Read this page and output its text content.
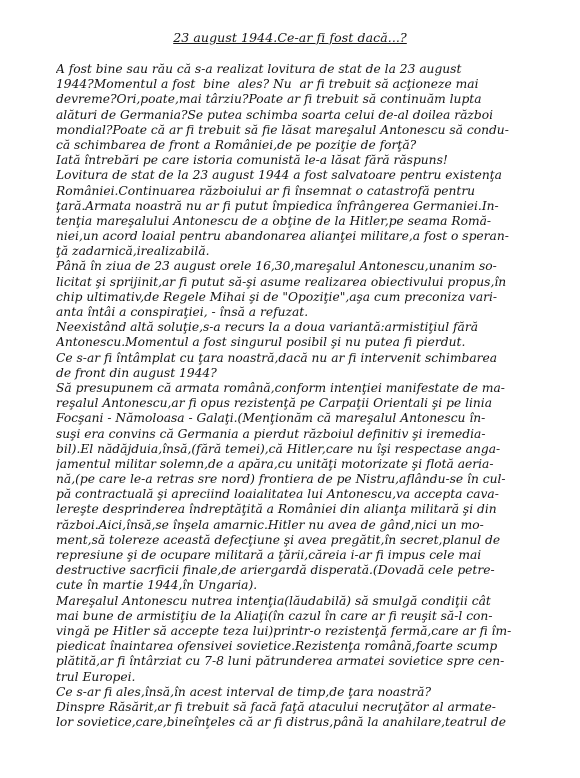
23 august 1944.Ce-ar fi fost dacă...?
A fost bine sau rău că s-a realizat lovitura de stat de la 23 august
1944?Momentul a fost  bine  ales? Nu  ar fi trebuit să acţioneze mai
devreme?Ori,poate,mai târziu?Poate ar fi trebuit să continuăm lupta
alături de Germania?Se putea schimba soarta celui de-al doilea război
mondial?Poate că ar fi trebuit să fie lăsat mareşalul Antonescu să condu-
că schimbarea de front a României,de pe poziţie de forţă?
Iată întrebări pe care istoria comunistă le-a lăsat fără răspuns!
Lovitura de stat de la 23 august 1944 a fost salvatoare pentru existenţa
României.Continuarea războiului ar fi însemnat o catastrofă pentru
ţară.Armata noastră nu ar fi putut împiedica înfrângerea Germaniei.In-
tenţia mareşalului Antonescu de a obţine de la Hitler,pe seama Romă-
niei,un acord loaial pentru abandonarea alianţei militare,a fost o speran-
ţă zadarnică,irealizabilă.
Până în ziua de 23 august orele 16,30,mareşalul Antonescu,unanim so-
licitat şi sprijinit,ar fi putut să-şi asume realizarea obiectivului propus,în
chip ultimativ,de Regele Mihai şi de "Opoziţie",aşa cum preconiza vari-
anta întâi a conspiraţiei, - însă a refuzat.
Neexistând altă soluţie,s-a recurs la a doua variantă:armistiţiul fără
Antonescu.Momentul a fost singurul posibil şi nu putea fi pierdut.
Ce s-ar fi întâmplat cu ţara noastră,dacă nu ar fi intervenit schimbarea
de front din august 1944?
Să presupunem că armata română,conform intenţiei manifestate de ma-
reşalul Antonescu,ar fi opus rezistenţă pe Carpaţii Orientali şi pe linia
Focşani - Nămoloasa - Galaţi.(Menţionăm că mareşalul Antonescu în-
suşi era convins că Germania a pierdut războiul definitiv şi iremedia-
bil).El nădăjduia,însă,(fără temei),că Hitler,care nu îşi respectase anga-
jamentul militar solemn,de a apăra,cu unităţi motorizate şi flotă aeria-
nă,(pe care le-a retras sre nord) frontiera de pe Nistru,aflându-se în cul-
pă contractuală şi apreciind loaialitatea lui Antonescu,va accepta cava-
lereşte desprinderea îndreptăţită a României din alianţa militară şi din
război.Aici,însă,se înşela amarnic.Hitler nu avea de gând,nici un mo-
ment,să tolereze această defecţiune şi avea pregătit,în secret,planul de
represiune şi de ocupare militară a ţării,căreia i-ar fi impus cele mai
destructive sacrficii finale,de ariergardă disperată.(Dovadă cele petre-
cute în martie 1944,în Ungaria).
Mareşalul Antonescu nutrea intenţia(lăudabilă) să smulgă condiţii cât
mai bune de armistiţiu de la Aliaţi(în cazul în care ar fi reuşit să-l con-
vingă pe Hitler să accepte teza lui)printr-o rezistenţă fermă,care ar fi îm-
piedicat înaintarea ofensivei sovietice.Rezistenţa română,foarte scump
plătită,ar fi întârziat cu 7-8 luni pătrunderea armatei sovietice spre cen-
trul Europei.
Ce s-ar fi ales,însă,în acest interval de timp,de ţara noastră?
Dinspre Răsărit,ar fi trebuit să facă faţă atacului necruţător al armate-
lor sovietice,care,bineînţeles că ar fi distrus,până la anahilare,teatrul de
